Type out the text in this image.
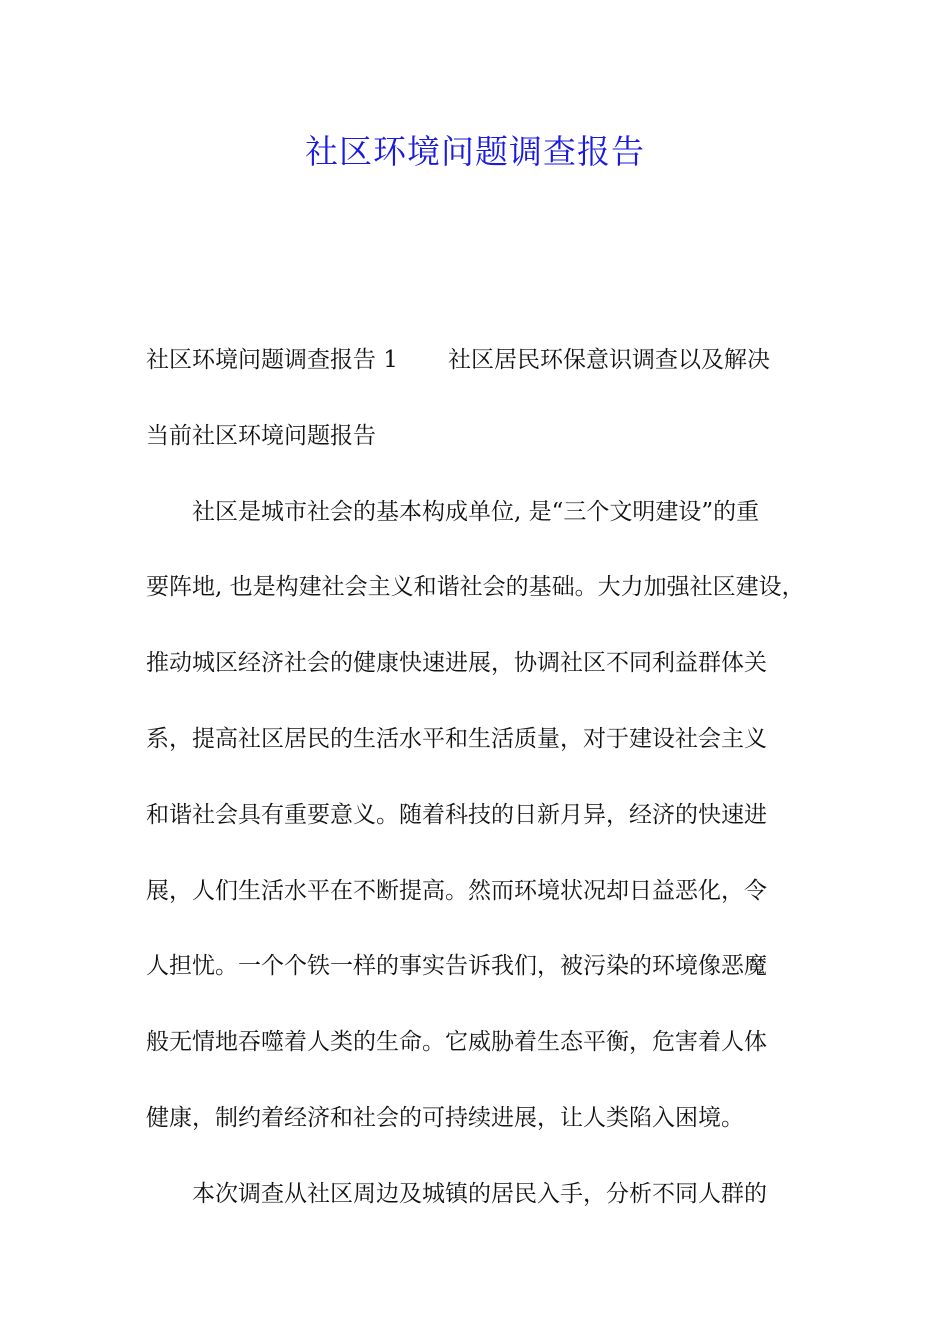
社区环境问题调查报告
社区环境问题调查报告 1 社区居民环保意识调查以及解决
当前社区环境问题报告
社区是城市社会的基本构成单位, 是“三个文明建设”的重
要阵地, 也是构建社会主义和谐社会的基础。大力加强社区建设，
推动城区经济社会的健康快速进展，协调社区不同利益群体关
系，提高社区居民的生活水平和生活质量，对于建设社会主义
和谐社会具有重要意义。随着科技的日新月异，经济的快速进
展，人们生活水平在不断提高。然而环境状况却日益恶化，令
人担忧。一个个铁一样的事实告诉我们，被污染的环境像恶魔
般无情地吞噬着人类的生命。它威胁着生态平衡，危害着人体
健康，制约着经济和社会的可持续进展，让人类陷入困境。
本次调查从社区周边及城镇的居民入手，分析不同人群的
